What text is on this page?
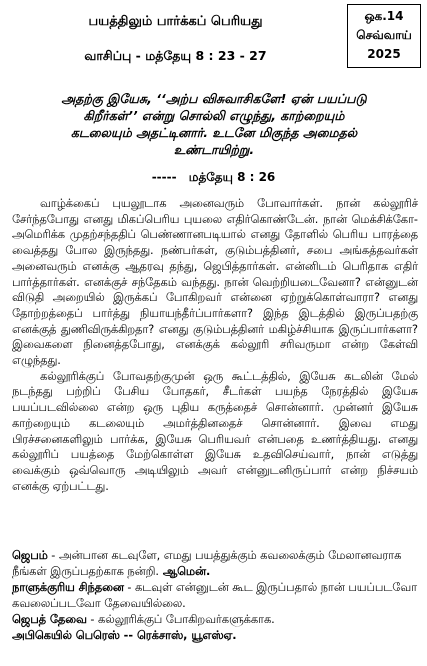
பயத்திலும் பார்க்கப் பெரியது	ஒக.14
செவ்வாய்
2025
வாசிப்பு - மத்தேயு 8 : 23 - 27
அதற்கு இயேசு, ‘‘அற்ப விசுவாசிகளே! ஏன் பயப்படு
கிறீர்கள்’’ என்று சொல்லி எழுந்து, காற்றையும்
கடலையும் அதட்டினார். உடனே மிகுந்த அமைதல்
உண்டாயிற்று.
----- மத்தேயு 8 : 26

வாழ்க்கைப் புயலூடாக அனைவரும் போவார்கள். நான் கல்லூரிச் சேர்ந்தபோது எனது மிகப்பெரிய புயலை எதிர்கொண்டேன். நான் மெக்சிக்கோ-அமெரிக்க முதற்சந்ததிப் பெண்ணானபடியால் எனது தோளில் பெரிய பாரத்தை வைத்தது போல இருந்தது. நண்பர்கள், குடும்பத்தினர், சபை அங்கத்தவர்கள் அனைவரும் எனக்கு ஆதரவு தந்து, ஜெபித்தார்கள். என்னிடம் பெரிதாக எதிர் பார்த்தார்கள். எனக்குச் சந்தேகம் வந்தது. நான் வெற்றியடைவேனா? என்னுடன் விடுதி அறையில் இருக்கப் போகிறவர் என்னை ஏற்றுக்கொள்வாரா? எனது தோற்றத்தைப் பார்த்து நியாயந்தீர்ப்பார்களா? இந்த இடத்தில் இருப்பதற்கு எனக்குத் துணிவிருக்கிறதா? எனது குடும்பத்தினர் மகிழ்ச்சியாக இருப்பார்களா? இவைகளை நினைத்தபோது, எனக்குக் கல்லூரி சரிவருமா என்ற கேள்வி எழுந்தது.

கல்லூரிக்குப் போவதற்குமுன் ஒரு கூட்டத்தில், இயேசு கடலின் மேல் நடந்தது பற்றிப் பேசிய போதகர், சீடர்கள் பயந்த நேரத்தில் இயேசு பயப்படவில்லை என்ற ஒரு புதிய கருத்தைச் சொன்னார். முன்னர் இயேசு காற்றையும் கடலையும் அமர்த்தினதைச் சொன்னார். இவை எமது பிரச்சனைகளிலும் பார்க்க, இயேசு பெரியவர் என்பதை உணர்த்தியது. எனது கல்லூரிப் பயத்தை மேற்கொள்ள இயேசு உதவிசெய்வார், நான் எடுத்து வைக்கும் ஒவ்வொரு அடியிலும் அவர் என்னுடனிருப்பார் என்ற நிச்சயம் எனக்கு ஏற்பட்டது.

ஜெபம் - அன்பான கடவுளே, எமது பயத்துக்கும் கவலைக்கும் மேலானவராக நீங்கள் இருப்பதற்காக நன்றி. ஆமென்.

நாளுக்குரிய சிந்தனை - கடவுள் என்னுடன் கூட இருப்பதால் நான் பயப்படவோ கவலைப்படவோ தேவையில்லை.

ஜெபத் தேவை - கல்லூரிக்குப் போகிறவர்களுக்காக.

அபிகெயில் பெரெஸ் -- ரெக்சாஸ், யூஎஸ்ஏ.
